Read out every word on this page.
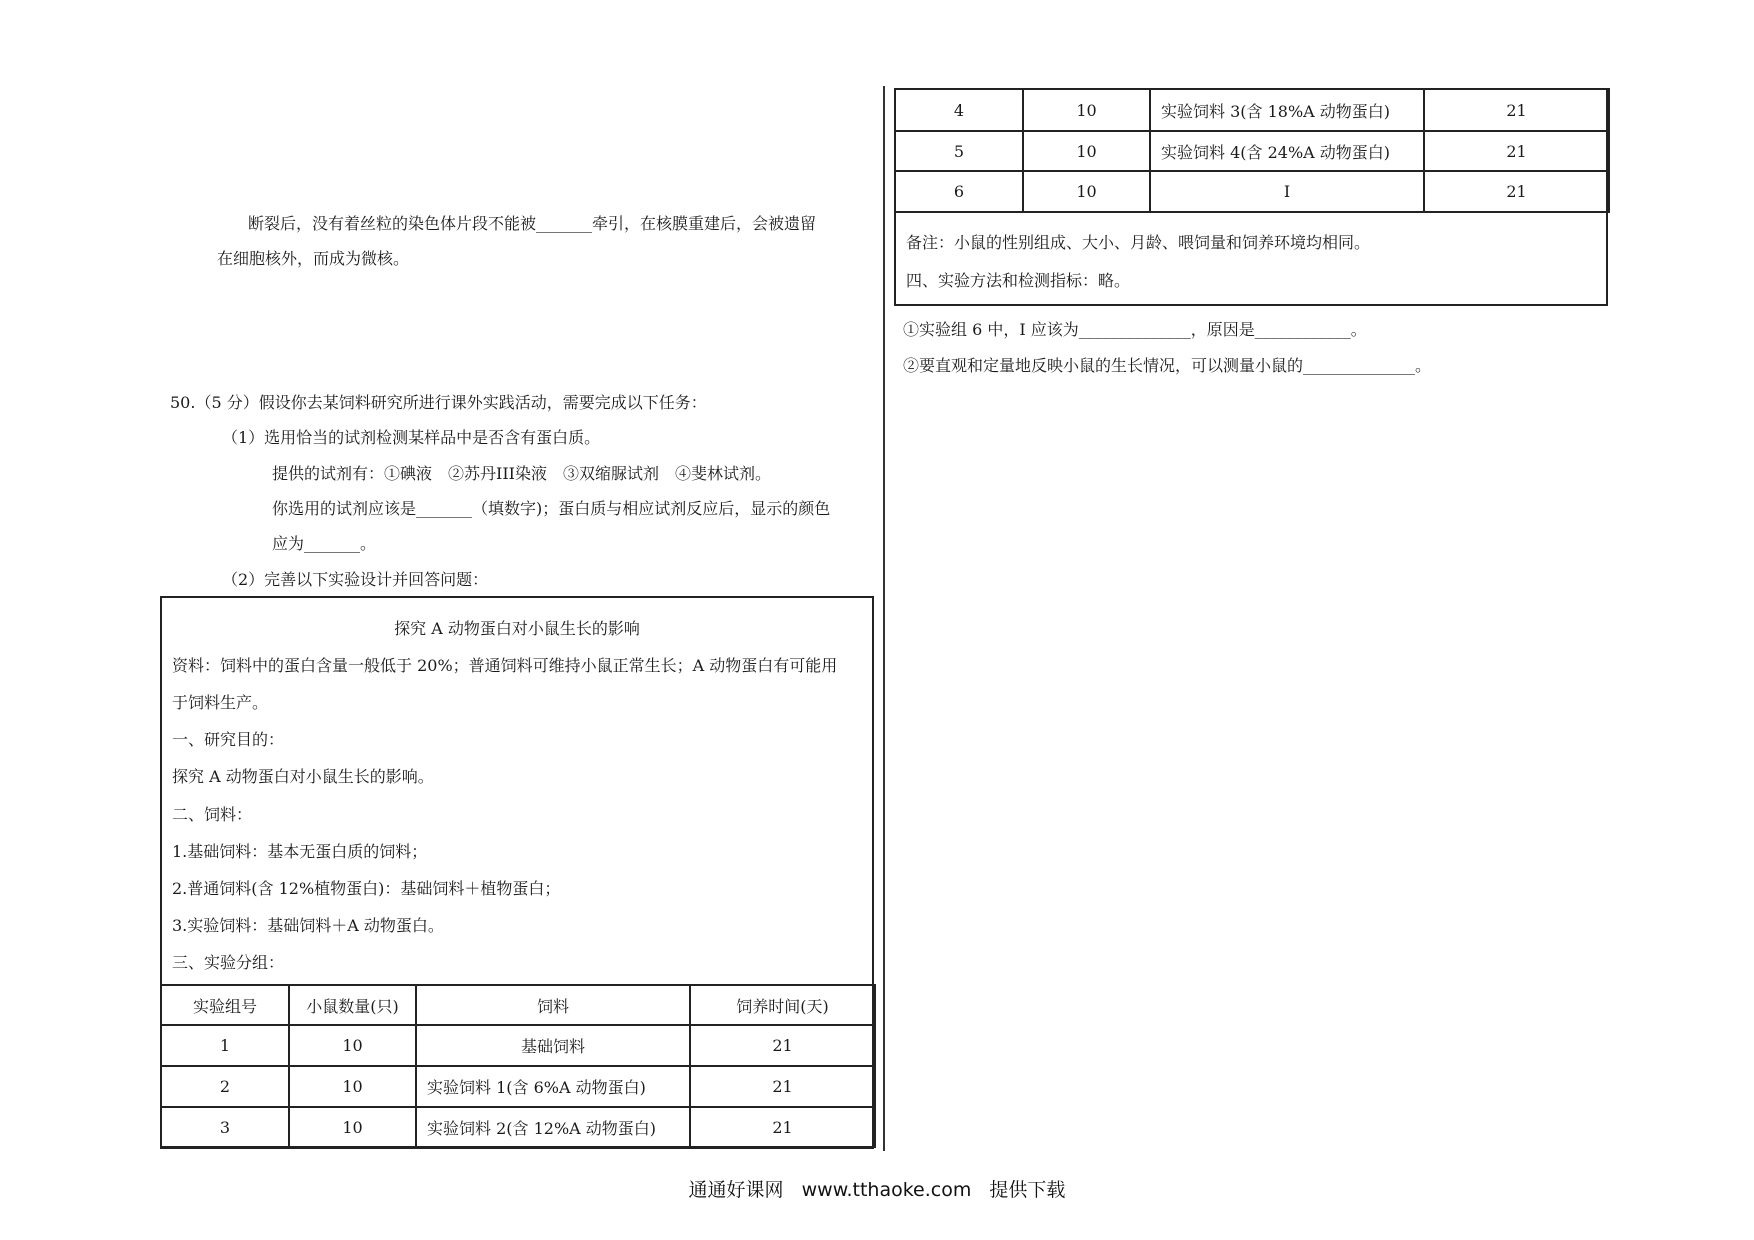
断裂后，没有着丝粒的染色体片段不能被_______牵引，在核膜重建后，会被遗留
在细胞核外，而成为微核。
50.（5 分）假设你去某饲料研究所进行课外实践活动，需要完成以下任务：
（1）选用恰当的试剂检测某样品中是否含有蛋白质。
提供的试剂有：①碘液　②苏丹III染液　③双缩脲试剂　④斐林试剂。
你选用的试剂应该是_______（填数字)；蛋白质与相应试剂反应后，显示的颜色
应为_______。
（2）完善以下实验设计并回答问题：
探究 A 动物蛋白对小鼠生长的影响
资料：饲料中的蛋白含量一般低于 20%；普通饲料可维持小鼠正常生长；A 动物蛋白有可能用
于饲料生产。
一、研究目的：
探究 A 动物蛋白对小鼠生长的影响。
二、饲料：
1.基础饲料：基本无蛋白质的饲料；
2.普通饲料(含 12%植物蛋白)：基础饲料＋植物蛋白；
3.实验饲料：基础饲料＋A 动物蛋白。
三、实验分组：
实验组号	小鼠数量(只)	饲料	饲养时间(天)
1	10	基础饲料	21
2	10	实验饲料 1(含 6%A 动物蛋白)	21
3	10	实验饲料 2(含 12%A 动物蛋白)	21
4	10	实验饲料 3(含 18%A 动物蛋白)	21
5	10	实验饲料 4(含 24%A 动物蛋白)	21
6	10	I	21
备注：小鼠的性别组成、大小、月龄、喂饲量和饲养环境均相同。
四、实验方法和检测指标：略。
①实验组 6 中，I 应该为______________，原因是____________。
②要直观和定量地反映小鼠的生长情况，可以测量小鼠的______________。
通通好课网 www.tthaoke.com 提供下载
